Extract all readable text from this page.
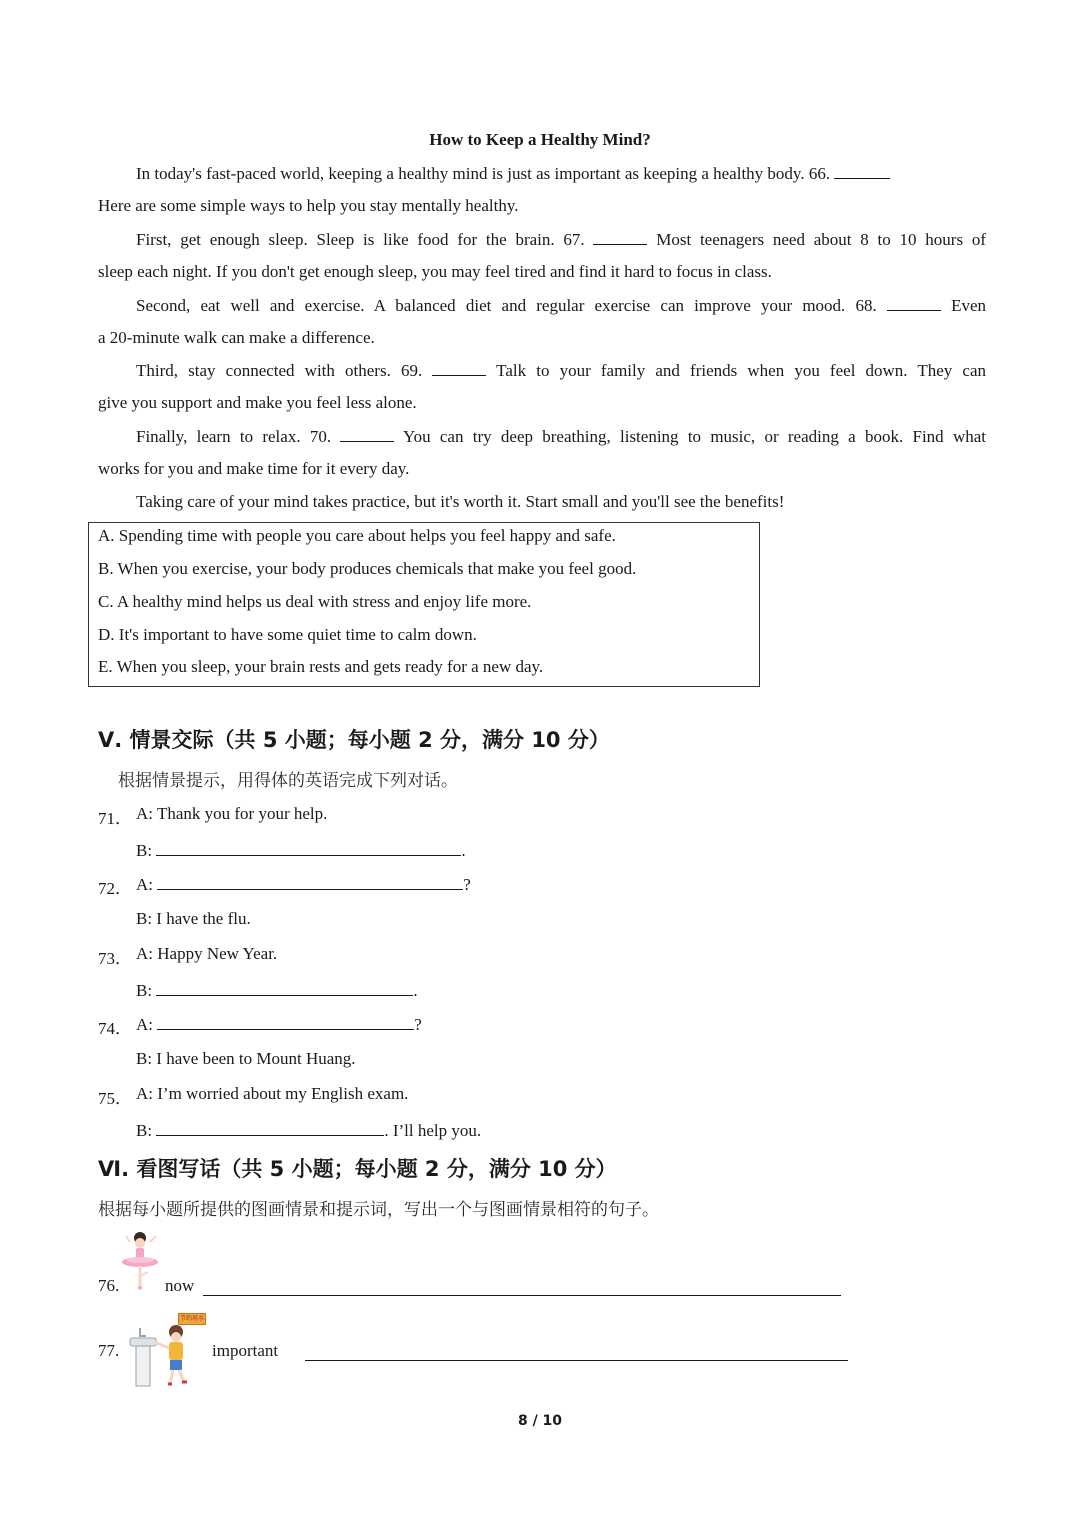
How to Keep a Healthy Mind?
In today's fast-paced world, keeping a healthy mind is just as important as keeping a healthy body. 66.
Here are some simple ways to help you stay mentally healthy.
First, get enough sleep. Sleep is like food for the brain. 67.	Most teenagers need about 8 to 10 hours of
sleep each night. If you don't get enough sleep, you may feel tired and find it hard to focus in class.
Second, eat well and exercise. A balanced diet and regular exercise can improve your mood. 68.	Even
a 20-minute walk can make a difference.
Third, stay connected with others. 69.	Talk to your family and friends when you feel down. They can
give you support and make you feel less alone.
Finally, learn to relax. 70.	You can try deep breathing, listening to music, or reading a book. Find what
works for you and make time for it every day.
Taking care of your mind takes practice, but it's worth it. Start small and you'll see the benefits!
A. Spending time with people you care about helps you feel happy and safe.
B. When you exercise, your body produces chemicals that make you feel good.
C. A healthy mind helps us deal with stress and enjoy life more.
D. It's important to have some quiet time to calm down.
E. When you sleep, your brain rests and gets ready for a new day.
Ⅴ. 情景交际（共 5 小题；每小题 2 分，满分 10 分）
根据情景提示，用得体的英语完成下列对话。
71． A: Thank you for your help.
B:	.
72． A:	?
B: I have the flu.
73． A: Happy New Year.
B:	.
74． A:	?
B: I have been to Mount Huang.
75． A: I’m worried about my English exam.
B:	. I’ll help you.
Ⅵ. 看图写话（共 5 小题；每小题 2 分，满分 10 分）
根据每小题所提供的图画情景和提示词，写出一个与图画情景相符的句子。
76.	now
节约用水
77.	important
8 / 10
